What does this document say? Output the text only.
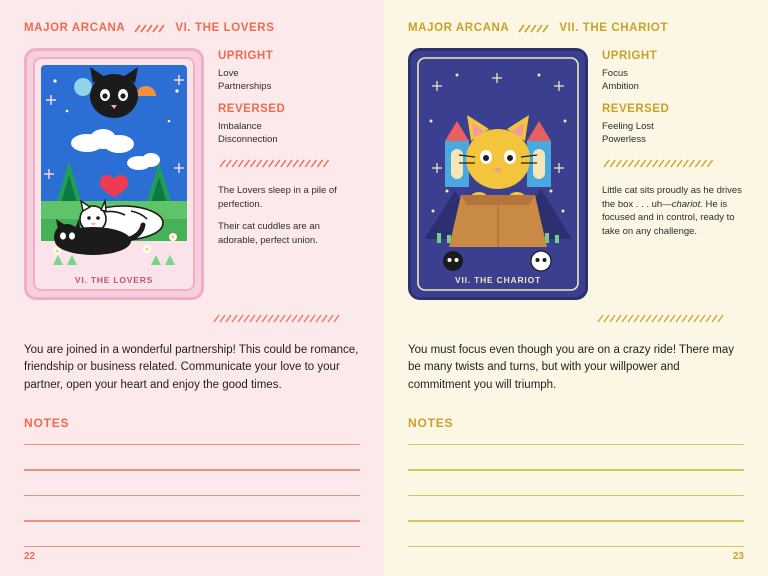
MAJOR ARCANA	VI. THE LOVERS
VI. THE LOVERS
UPRIGHT
Love
Partnerships
REVERSED
Imbalance
Disconnection
The Lovers sleep in a pile of perfection.
Their cat cuddles are an adorable, perfect union.
You are joined in a wonderful partnership! This could be romance, friendship or business related. Communicate your love to your partner, open your heart and enjoy the good times.
NOTES
22
MAJOR ARCANA	VII. THE CHARIOT
VII. THE CHARIOT
UPRIGHT
Focus
Ambition
REVERSED
Feeling Lost
Powerless
Little cat sits proudly as he drives the box . . . uh—chariot. He is focused and in control, ready to take on any challenge.
You must focus even though you are on a crazy ride! There may be many twists and turns, but with your willpower and commitment you will triumph.
NOTES
23
